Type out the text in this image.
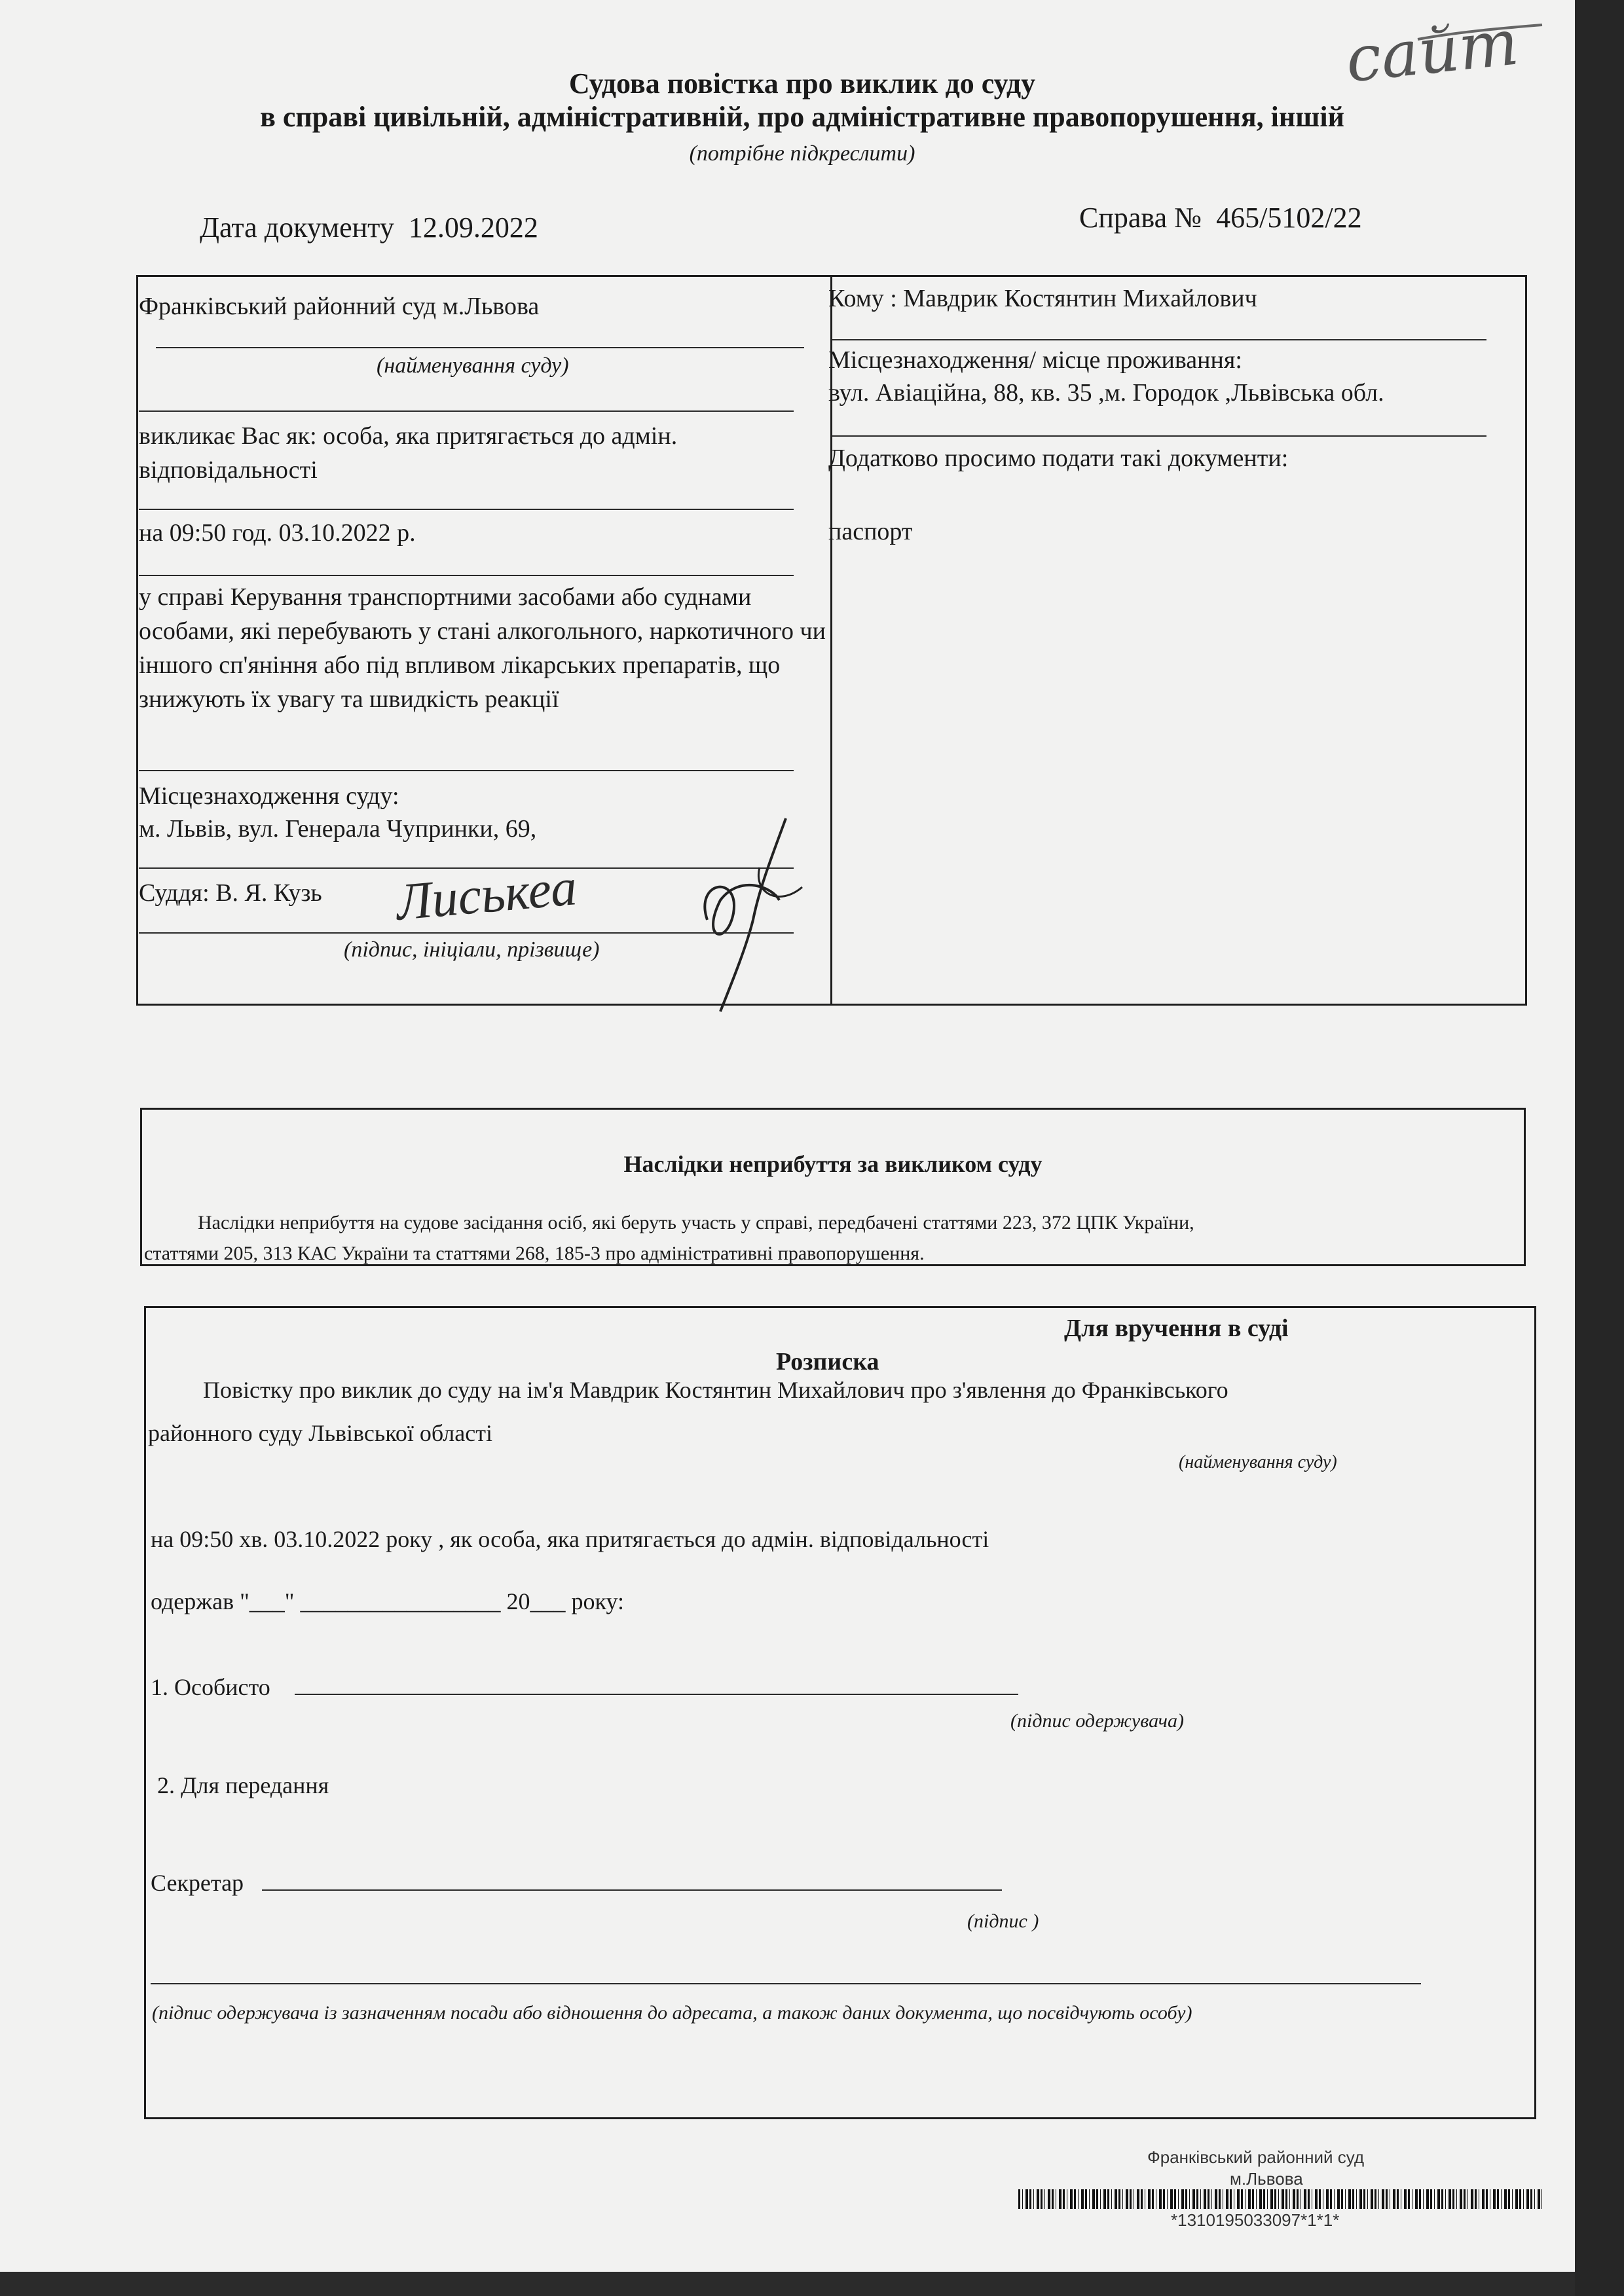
сайт
Судова повістка про виклик до суду
в справі цивільній, адміністративній, про адміністративне правопорушення, іншій
(потрібне підкреслити)
Дата документу 12.09.2022	Справа № 465/5102/22
Франківський районний суд м.Львова
(найменування суду)
викликає Вас як: особа, яка притягається до адмін. відповідальності
на 09:50 год. 03.10.2022 р.
у справі Керування транспортними засобами або суднами особами, які перебувають у стані алкогольного, наркотичного чи іншого сп'яніння або під впливом лікарських препаратів, що знижують їх увагу та швидкість реакції
Місцезнаходження суду:
м. Львів, вул. Генерала Чупринки, 69,
Суддя: В. Я. Кузь Лиськеа
(підпис, ініціали, прізвище)
Кому : Мавдрик Костянтин Михайлович
Місцезнаходження/ місце проживання:
вул. Авіаційна, 88, кв. 35 ,м. Городок ,Львівська обл.
Додатково просимо подати такі документи:
паспорт
Наслідки неприбуття за викликом суду
Наслідки неприбуття на судове засідання осіб, які беруть участь у справі, передбачені статтями 223, 372 ЦПК України,
статтями 205, 313 КАС України та статтями 268, 185-3 про адміністративні правопорушення.
Для вручення в суді
Розписка
Повістку про виклик до суду на ім'я Мавдрик Костянтин Михайлович про з'явлення до Франківського
районного суду Львівської області
(найменування суду)
на 09:50 хв. 03.10.2022 року , як особа, яка притягається до адмін. відповідальності
одержав "___" _________________ 20___ року:
1. Особисто
(підпис одержувача)
2. Для передання
Секретар
(підпис )
(підпис одержувача із зазначенням посади або відношення до адресата, а також даних документа, що посвідчують особу)
Франківський районний суд
м.Львова
*1310195033097*1*1*
